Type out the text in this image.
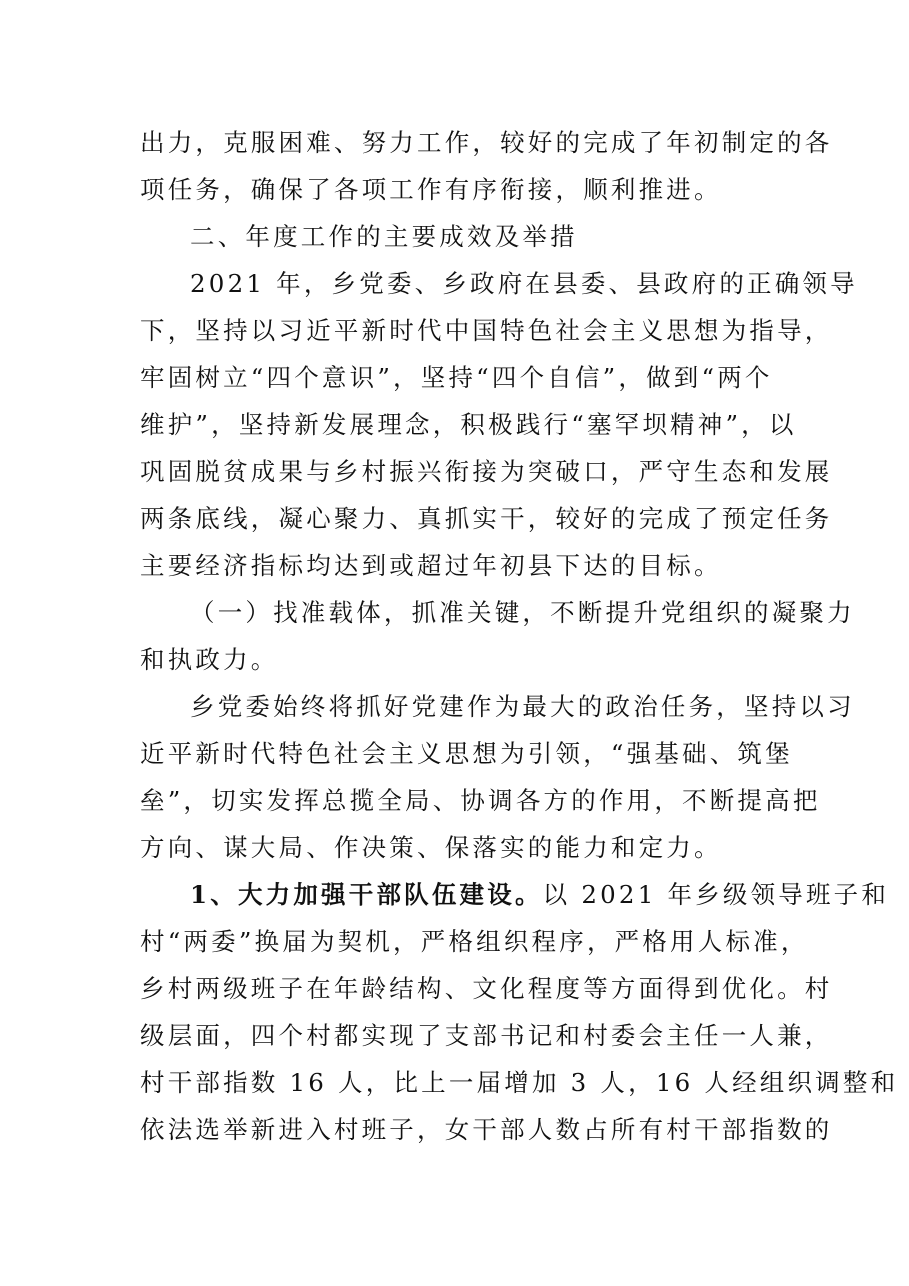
出力，克服困难、努力工作，较好的完成了年初制定的各
项任务，确保了各项工作有序衔接，顺利推进。
二、年度工作的主要成效及举措
2021 年，乡党委、乡政府在县委、县政府的正确领导
下，坚持以习近平新时代中国特色社会主义思想为指导，
牢固树立“四个意识”，坚持“四个自信”，做到“两个
维护”，坚持新发展理念，积极践行“塞罕坝精神”，以
巩固脱贫成果与乡村振兴衔接为突破口，严守生态和发展
两条底线，凝心聚力、真抓实干，较好的完成了预定任务
主要经济指标均达到或超过年初县下达的目标。
（一）找准载体，抓准关键，不断提升党组织的凝聚力
和执政力。
乡党委始终将抓好党建作为最大的政治任务，坚持以习
近平新时代特色社会主义思想为引领，“强基础、筑堡
垒”，切实发挥总揽全局、协调各方的作用，不断提高把
方向、谋大局、作决策、保落实的能力和定力。
1、大力加强干部队伍建设。以 2021 年乡级领导班子和
村“两委”换届为契机，严格组织程序，严格用人标准，
乡村两级班子在年龄结构、文化程度等方面得到优化。村
级层面，四个村都实现了支部书记和村委会主任一人兼，
村干部指数 16 人，比上一届增加 3 人，16 人经组织调整和
依法选举新进入村班子，女干部人数占所有村干部指数的
